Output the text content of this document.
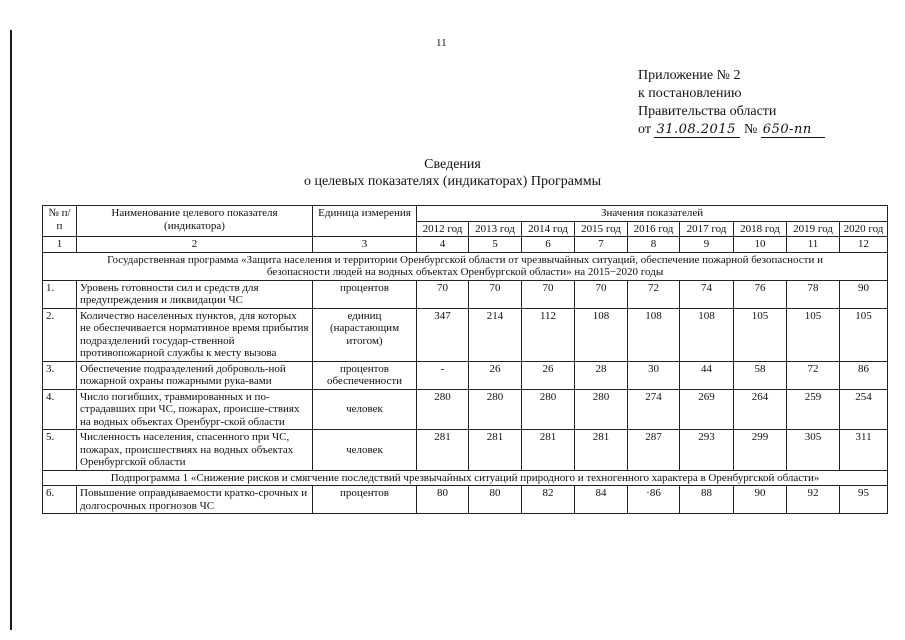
11
Приложение № 2
к постановлению
Правительства области
от 31.08.2015 № 650-пп
Сведения
о целевых показателях (индикаторах) Программы
№ п/п	Наименование целевого показателя (индикатора)	Единица измерения	Значения показателей								
			2012 год	2013 год	2014 год	2015 год	2016 год	2017 год	2018 год	2019 год	2020 год
1	2	3	4	5	6	7	8	9	10	11	12
Государственная программа «Защита населения и территории Оренбургской области от чрезвычайных ситуаций, обеспечение пожарной безопасности и безопасности людей на водных объектах Оренбургской области» на 2015−2020 годы											
1.	Уровень готовности сил и средств для предупреждения и ликвидации ЧС	процентов	70	70	70	70	72	74	76	78	90
2.	Количество населенных пунктов, для которых не обеспечивается нормативное время прибытия подразделений государ-ственной противопожарной службы к месту вызова	единиц (нарастающим итогом)	347	214	112	108	108	108	105	105	105
3.	Обеспечение подразделений доброволь-ной пожарной охраны пожарными рука-вами	процентов обеспеченности	-	26	26	28	30	44	58	72	86
4.	Число погибших, травмированных и по-страдавших при ЧС, пожарах, происше-ствиях на водных объектах Оренбург-ской области	человек	280	280	280	280	274	269	264	259	254
5.	Численность населения, спасенного при ЧС, пожарах, происшествиях на водных объектах Оренбургской области	человек	281	281	281	281	287	293	299	305	311
Подпрограмма 1 «Снижение рисков и смягчение последствий чрезвычайных ситуаций природного и техногенного характера в Оренбургской области»											
6.	Повышение оправдываемости кратко-срочных и долгосрочных прогнозов ЧС	процентов	80	80	82	84	·86	88	90	92	95
